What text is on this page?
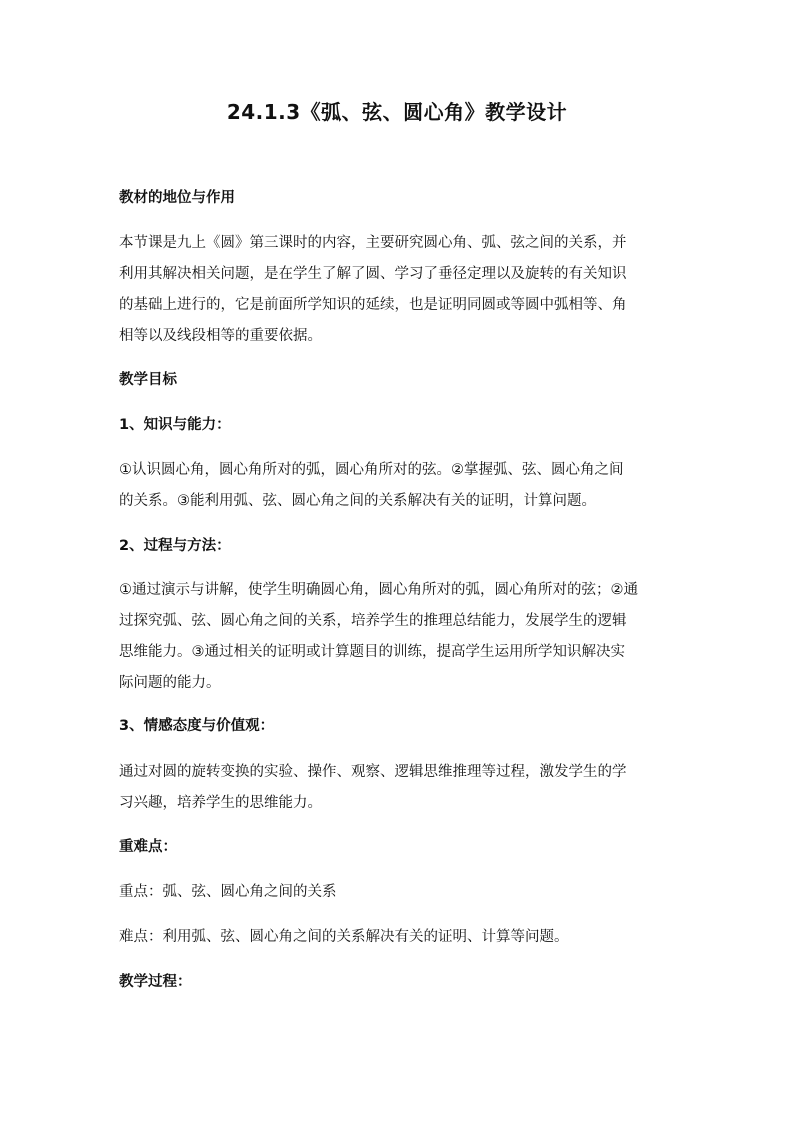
24.1.3《弧、弦、圆心角》教学设计
教材的地位与作用
本节课是九上《圆》第三课时的内容，主要研究圆心角、弧、弦之间的关系，并
利用其解决相关问题，是在学生了解了圆、学习了垂径定理以及旋转的有关知识
的基础上进行的，它是前面所学知识的延续，也是证明同圆或等圆中弧相等、角
相等以及线段相等的重要依据。
教学目标
1、知识与能力：
①认识圆心角，圆心角所对的弧，圆心角所对的弦。②掌握弧、弦、圆心角之间
的关系。③能利用弧、弦、圆心角之间的关系解决有关的证明，计算问题。
2、过程与方法：
①通过演示与讲解，使学生明确圆心角，圆心角所对的弧，圆心角所对的弦；②通
过探究弧、弦、圆心角之间的关系，培养学生的推理总结能力，发展学生的逻辑
思维能力。③通过相关的证明或计算题目的训练，提高学生运用所学知识解决实
际问题的能力。
3、情感态度与价值观：
通过对圆的旋转变换的实验、操作、观察、逻辑思维推理等过程，激发学生的学
习兴趣，培养学生的思维能力。
重难点：
重点：弧、弦、圆心角之间的关系
难点：利用弧、弦、圆心角之间的关系解决有关的证明、计算等问题。
教学过程：
